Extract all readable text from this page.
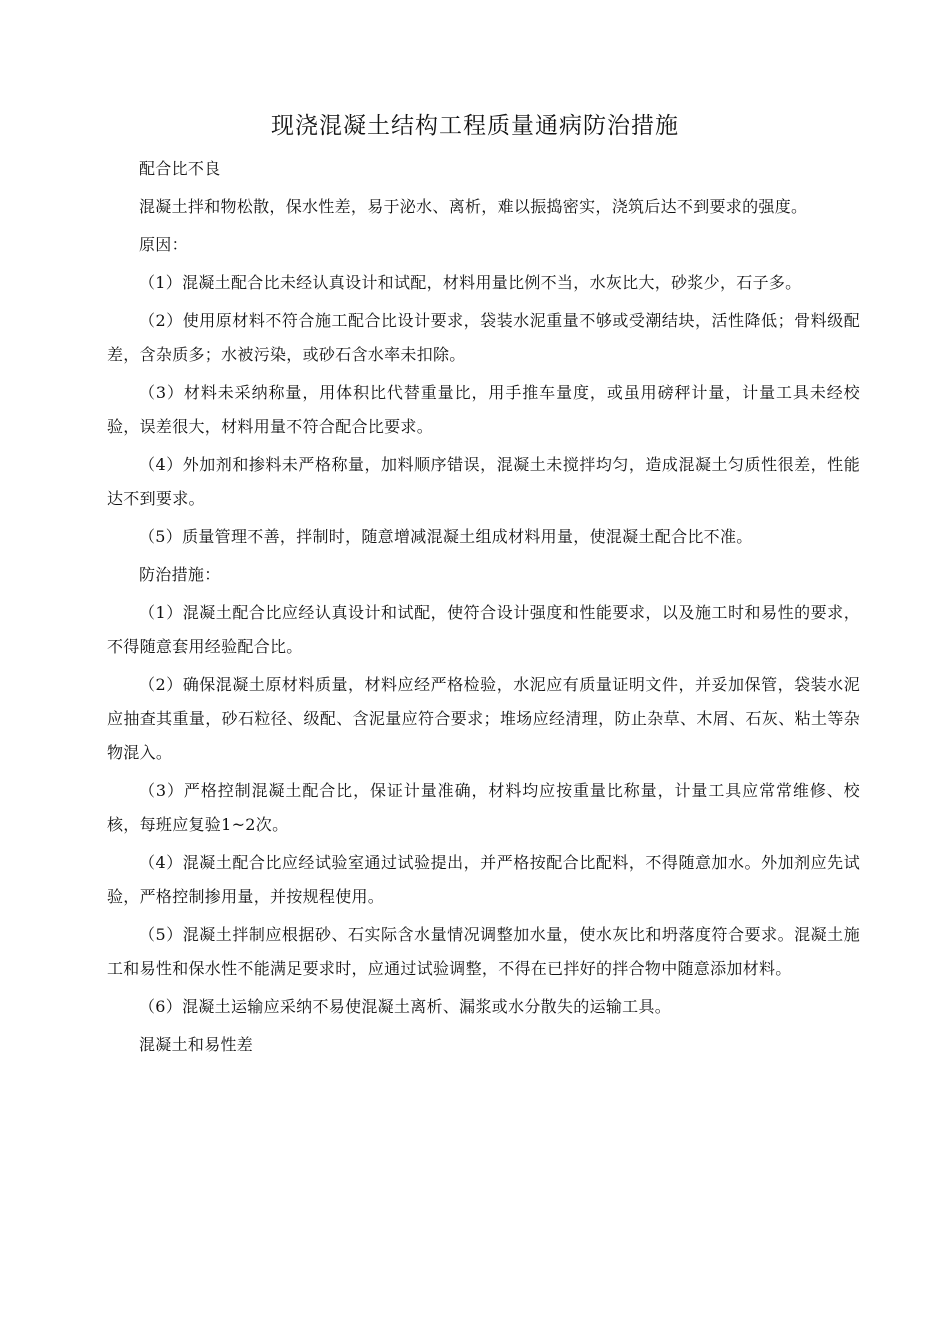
现浇混凝土结构工程质量通病防治措施

配合比不良

混凝土拌和物松散，保水性差，易于泌水、离析，难以振捣密实，浇筑后达不到要求的强度。

原因：

（1）混凝土配合比未经认真设计和试配，材料用量比例不当，水灰比大，砂浆少，石子多。

（2）使用原材料不符合施工配合比设计要求，袋装水泥重量不够或受潮结块，活性降低；骨料级配差，含杂质多；水被污染，或砂石含水率未扣除。

（3）材料未采纳称量，用体积比代替重量比，用手推车量度，或虽用磅秤计量，计量工具未经校验，误差很大，材料用量不符合配合比要求。

（4）外加剂和掺料未严格称量，加料顺序错误，混凝土未搅拌均匀，造成混凝土匀质性很差，性能达不到要求。

（5）质量管理不善，拌制时，随意增减混凝土组成材料用量，使混凝土配合比不准。

防治措施：

（1）混凝土配合比应经认真设计和试配，使符合设计强度和性能要求，以及施工时和易性的要求，不得随意套用经验配合比。

（2）确保混凝土原材料质量，材料应经严格检验，水泥应有质量证明文件，并妥加保管，袋装水泥应抽查其重量，砂石粒径、级配、含泥量应符合要求；堆场应经清理，防止杂草、木屑、石灰、粘土等杂物混入。

（3）严格控制混凝土配合比，保证计量准确，材料均应按重量比称量，计量工具应常常维修、校核，每班应复验1~2次。

（4）混凝土配合比应经试验室通过试验提出，并严格按配合比配料，不得随意加水。外加剂应先试验，严格控制掺用量，并按规程使用。

（5）混凝土拌制应根据砂、石实际含水量情况调整加水量，使水灰比和坍落度符合要求。混凝土施工和易性和保水性不能满足要求时，应通过试验调整，不得在已拌好的拌合物中随意添加材料。

（6）混凝土运输应采纳不易使混凝土离析、漏浆或水分散失的运输工具。

混凝土和易性差
